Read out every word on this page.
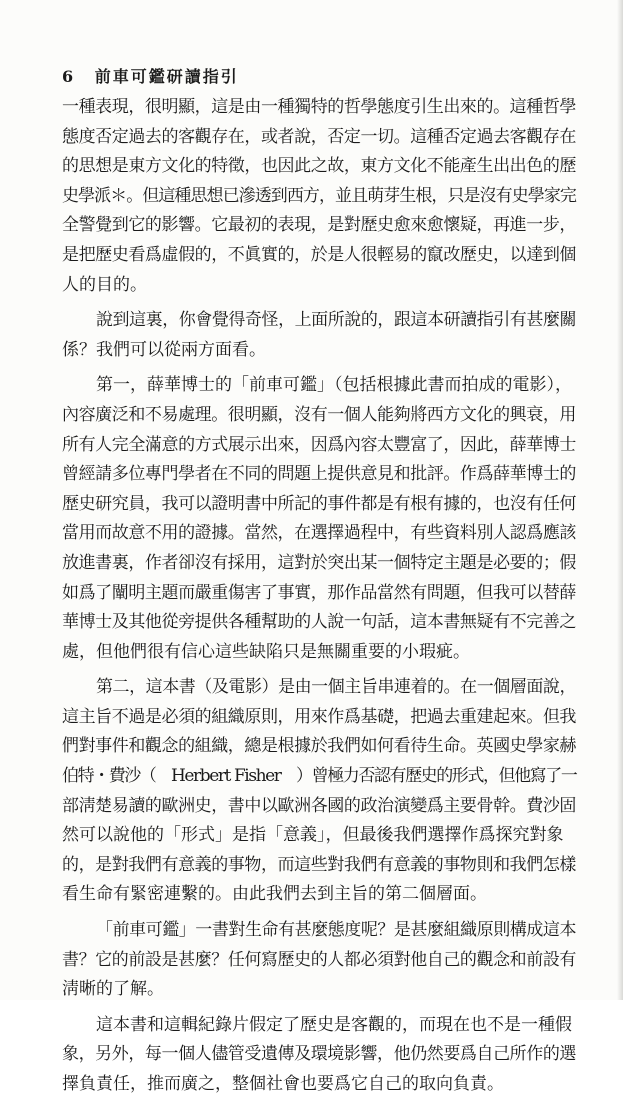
6 前車可鑑研讀指引

一種表現，很明顯，這是由一種獨特的哲學態度引生出來的。這種哲學
態度否定過去的客觀存在，或者說，否定一切。這種否定過去客觀存在
的思想是東方文化的特徵，也因此之故，東方文化不能產生出出色的歷
史學派＊。但這種思想已滲透到西方，並且萌芽生根，只是沒有史學家完
全警覺到它的影響。它最初的表現，是對歷史愈來愈懷疑，再進一步，
是把歷史看爲虛假的，不眞實的，於是人很輕易的竄改歷史，以達到個
人的目的。

說到這裏，你會覺得奇怪，上面所說的，跟這本研讀指引有甚麼關
係？我們可以從兩方面看。

第一，薛華博士的「前車可鑑」（包括根據此書而拍成的電影），
內容廣泛和不易處理。很明顯，沒有一個人能夠將西方文化的興衰，用
所有人完全滿意的方式展示出來，因爲內容太豐富了，因此，薛華博士
曾經請多位專門學者在不同的問題上提供意見和批評。作爲薛華博士的
歷史研究員，我可以證明書中所記的事件都是有根有據的，也沒有任何
當用而故意不用的證據。當然，在選擇過程中，有些資料別人認爲應該
放進書裏，作者卻沒有採用，這對於突出某一個特定主題是必要的；假
如爲了闡明主題而嚴重傷害了事實，那作品當然有問題，但我可以替薛
華博士及其他從旁提供各種幫助的人說一句話，這本書無疑有不完善之
處，但他們很有信心這些缺陷只是無關重要的小瑕疵。

第二，這本書（及電影）是由一個主旨串連着的。在一個層面說，
這主旨不過是必須的組織原則，用來作爲基礎，把過去重建起來。但我
們對事件和觀念的組織，總是根據於我們如何看待生命。英國史學家赫
伯特・費沙（　Herbert Fisher　）曾極力否認有歷史的形式，但他寫了一
部淸楚易讀的歐洲史，書中以歐洲各國的政治演變爲主要骨幹。費沙固
然可以說他的「形式」是指「意義」，但最後我們選擇作爲探究對象
的，是對我們有意義的事物，而這些對我們有意義的事物則和我們怎樣
看生命有緊密連繫的。由此我們去到主旨的第二個層面。

「前車可鑑」一書對生命有甚麼態度呢？是甚麼組織原則構成這本
書？它的前設是甚麼？任何寫歷史的人都必須對他自己的觀念和前設有
淸晰的了解。

這本書和這輯紀錄片假定了歷史是客觀的，而現在也不是一種假
象，另外，每一個人儘管受遺傳及環境影響，他仍然要爲自己所作的選
擇負責任，推而廣之，整個社會也要爲它自己的取向負責。
